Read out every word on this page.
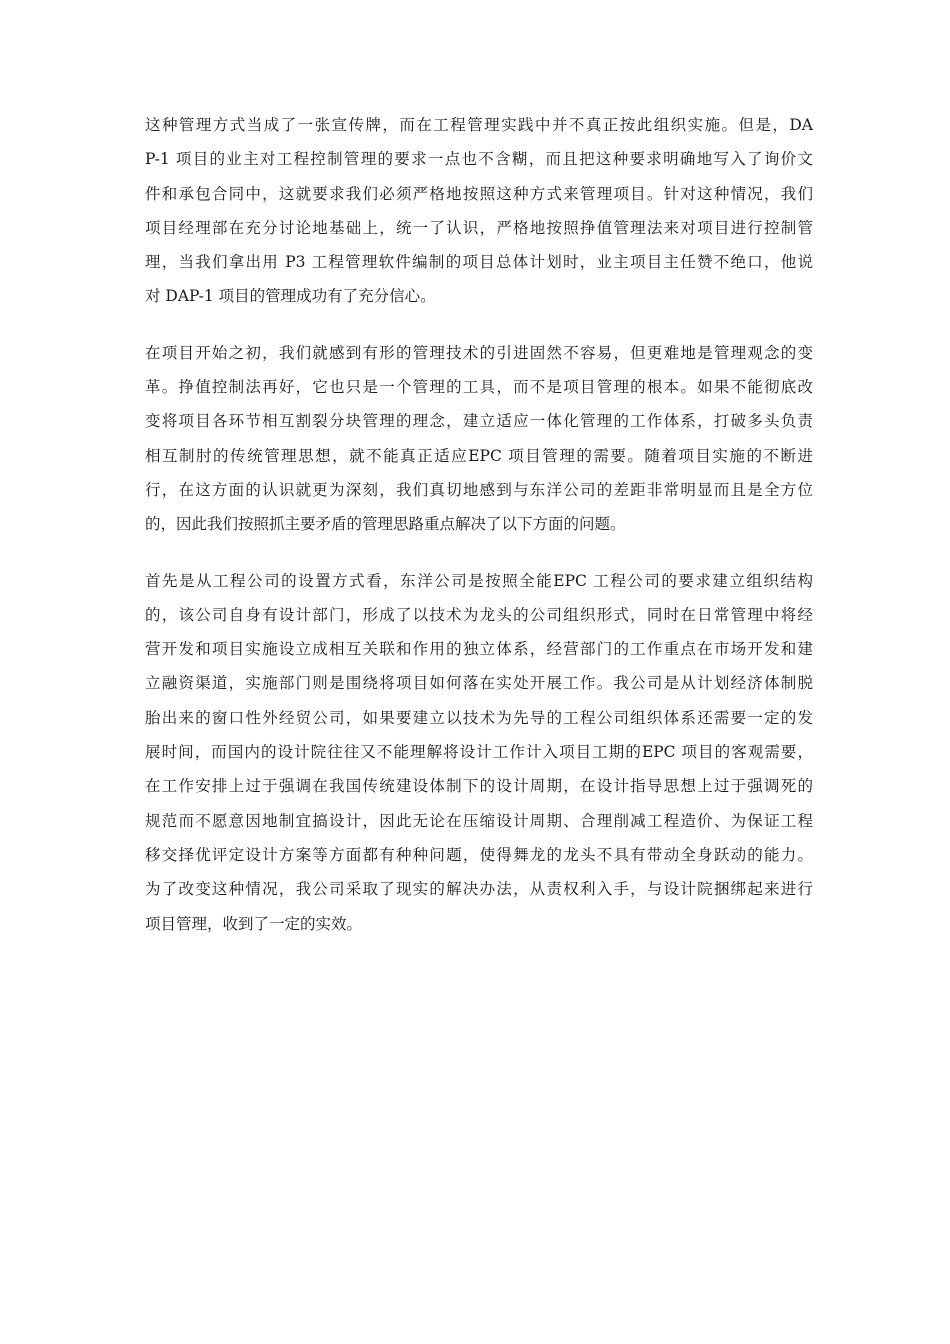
这种管理方式当成了一张宣传牌，而在工程管理实践中并不真正按此组织实施。但是，DA
P-1 项目的业主对工程控制管理的要求一点也不含糊，而且把这种要求明确地写入了询价文
件和承包合同中，这就要求我们必须严格地按照这种方式来管理项目。针对这种情况，我们
项目经理部在充分讨论地基础上，统一了认识，严格地按照挣值管理法来对项目进行控制管
理，当我们拿出用 P3 工程管理软件编制的项目总体计划时，业主项目主任赞不绝口，他说
对 DAP-1 项目的管理成功有了充分信心。
在项目开始之初，我们就感到有形的管理技术的引进固然不容易，但更难地是管理观念的变
革。挣值控制法再好，它也只是一个管理的工具，而不是项目管理的根本。如果不能彻底改
变将项目各环节相互割裂分块管理的理念，建立适应一体化管理的工作体系，打破多头负责
相互制肘的传统管理思想，就不能真正适应EPC 项目管理的需要。随着项目实施的不断进
行，在这方面的认识就更为深刻，我们真切地感到与东洋公司的差距非常明显而且是全方位
的，因此我们按照抓主要矛盾的管理思路重点解决了以下方面的问题。
首先是从工程公司的设置方式看，东洋公司是按照全能EPC 工程公司的要求建立组织结构
的，该公司自身有设计部门，形成了以技术为龙头的公司组织形式，同时在日常管理中将经
营开发和项目实施设立成相互关联和作用的独立体系，经营部门的工作重点在市场开发和建
立融资渠道，实施部门则是围绕将项目如何落在实处开展工作。我公司是从计划经济体制脱
胎出来的窗口性外经贸公司，如果要建立以技术为先导的工程公司组织体系还需要一定的发
展时间，而国内的设计院往往又不能理解将设计工作计入项目工期的EPC 项目的客观需要，
在工作安排上过于强调在我国传统建设体制下的设计周期，在设计指导思想上过于强调死的
规范而不愿意因地制宜搞设计，因此无论在压缩设计周期、合理削减工程造价、为保证工程
移交择优评定设计方案等方面都有种种问题，使得舞龙的龙头不具有带动全身跃动的能力。
为了改变这种情况，我公司采取了现实的解决办法，从责权利入手，与设计院捆绑起来进行
项目管理，收到了一定的实效。
